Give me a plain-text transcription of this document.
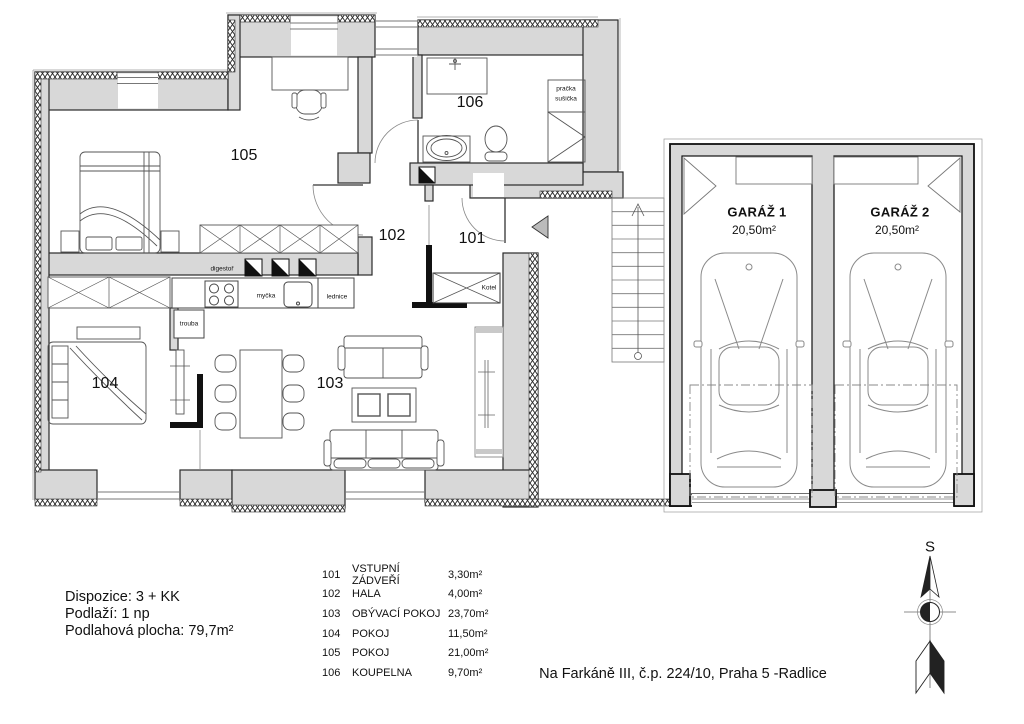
101
102
103
104
105
106
digestoř
trouba
myčka	lednice
Kotel
pračka
sušička
GARÁŽ 1
20,50m²
GARÁŽ 2
20,50m²
S
Dispozice: 3 + KK
Podlaží: 1 np
Podlahová plocha: 79,7m²
101	VSTUPNÍ ZÁDVEŘÍ	3,30m²
102	HALA	4,00m²
103	OBÝVACÍ POKOJ 23,70m²
104	POKOJ	11,50m²
105	POKOJ	21,00m²
106	KOUPELNA	9,70m²	Na Farkáně III, č.p. 224/10, Praha 5 -Radlice
